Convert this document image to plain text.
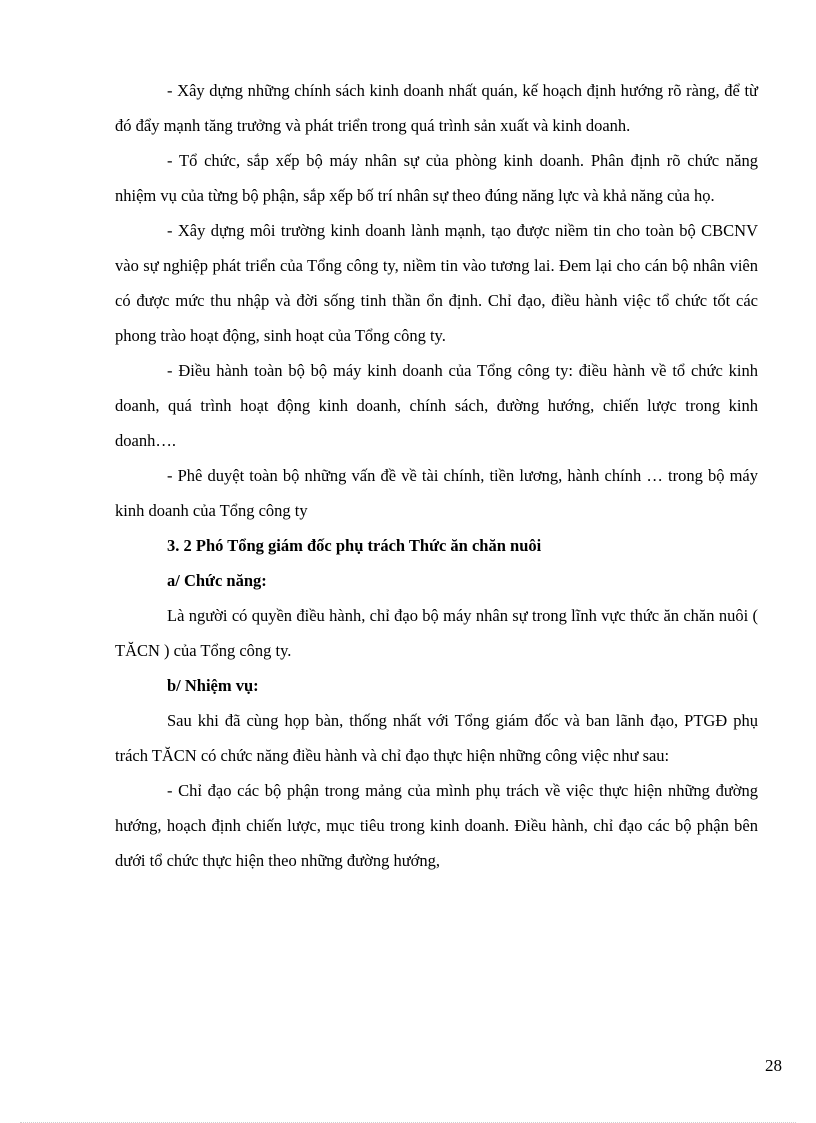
- Xây dựng những chính sách kinh doanh nhất quán, kế hoạch định hướng rõ ràng, để từ đó đẩy mạnh tăng trưởng và phát triển trong quá trình sản xuất và kinh doanh.

- Tổ chức, sắp xếp bộ máy nhân sự của phòng kinh doanh. Phân định rõ chức năng nhiệm vụ của từng bộ phận, sắp xếp bố trí nhân sự theo đúng năng lực và khả năng của họ.

- Xây dựng môi trường kinh doanh lành mạnh, tạo được niềm tin cho toàn bộ CBCNV vào sự nghiệp phát triển của Tổng công ty, niềm tin vào tương lai. Đem lại cho cán bộ nhân viên có được mức thu nhập và đời sống tinh thần ổn định. Chỉ đạo, điều hành việc tổ chức tốt các phong trào hoạt động, sinh hoạt của Tổng công ty.

- Điều hành toàn bộ bộ máy kinh doanh của Tổng công ty: điều hành về tổ chức kinh doanh, quá trình hoạt động kinh doanh, chính sách, đường hướng, chiến lược trong kinh doanh….

- Phê duyệt toàn bộ những vấn đề về tài chính, tiền lương, hành chính … trong bộ máy kinh doanh của Tổng công ty

3. 2 Phó Tổng giám đốc phụ trách Thức ăn chăn nuôi

a/ Chức năng:

Là người có quyền điều hành, chỉ đạo bộ máy nhân sự trong lĩnh vực thức ăn chăn nuôi ( TĂCN ) của Tổng công ty.

b/ Nhiệm vụ:

Sau khi đã cùng họp bàn, thống nhất với Tổng giám đốc và ban lãnh đạo, PTGĐ phụ trách TĂCN có chức năng điều hành và chỉ đạo thực hiện những công việc như sau:

- Chỉ đạo các bộ phận trong mảng của mình phụ trách về việc thực hiện những đường hướng, hoạch định chiến lược, mục tiêu trong kinh doanh. Điều hành, chỉ đạo các bộ phận bên dưới tổ chức thực hiện theo những đường hướng,

28
